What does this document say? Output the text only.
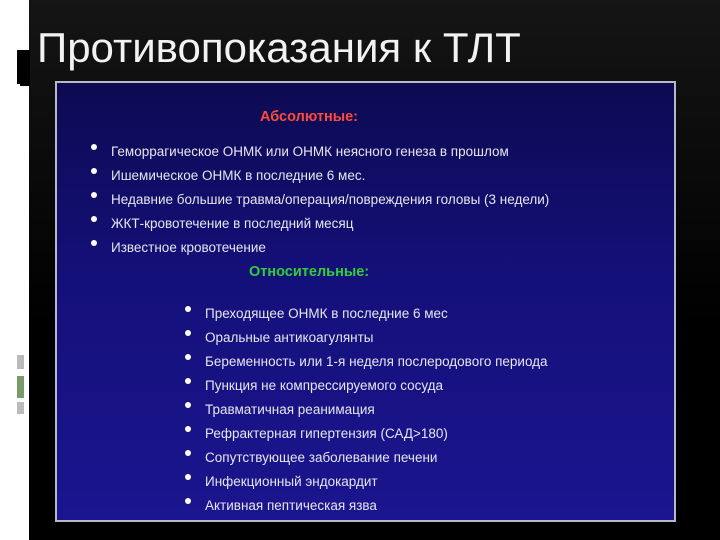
Противопоказания к ТЛТ
Абсолютные:
Геморрагическое ОНМК или ОНМК неясного генеза в прошлом
Ишемическое ОНМК в последние 6 мес.
Недавние большие травма/операция/повреждения головы (3 недели)
ЖКТ-кровотечение в последний месяц
Известное кровотечение
Относительные:
Преходящее ОНМК в последние 6 мес
Оральные антикоагулянты
Беременность или 1-я неделя послеродового периода
Пункция не компрессируемого сосуда
Травматичная реанимация
Рефрактерная гипертензия (САД>180)
Сопутствующее заболевание печени
Инфекционный эндокардит
Активная пептическая язва
